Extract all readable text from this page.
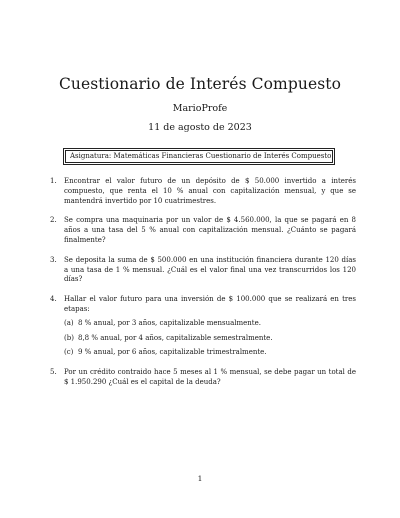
Cuestionario de Interés Compuesto
MarioProfe
11 de agosto de 2023
Asignatura: Matemáticas Financieras Cuestionario de Interés Compuesto
1. Encontrar el valor futuro de un depósito de $ 50.000 invertido a interés compuesto, que renta el 10 % anual con capitalización mensual, y que se mantendrá invertido por 10 cuatrimestres.
2. Se compra una maquinaria por un valor de $ 4.560.000, la que se pagará en 8 años a una tasa del 5 % anual con capitalización mensual. ¿Cuánto se pagará finalmente?
3. Se deposita la suma de $ 500.000 en una institución financiera durante 120 días a una tasa de 1 % mensual. ¿Cuál es el valor final una vez transcurridos los 120 días?
4. Hallar el valor futuro para una inversión de $ 100.000 que se realizará en tres etapas:
(a) 8 % anual, por 3 años, capitalizable mensualmente.
(b) 8,8 % anual, por 4 años, capitalizable semestralmente.
(c) 9 % anual, por 6 años, capitalizable trimestralmente.
5. Por un crédito contraido hace 5 meses al 1 % mensual, se debe pagar un total de $ 1.950.290 ¿Cuál es el capital de la deuda?
1
